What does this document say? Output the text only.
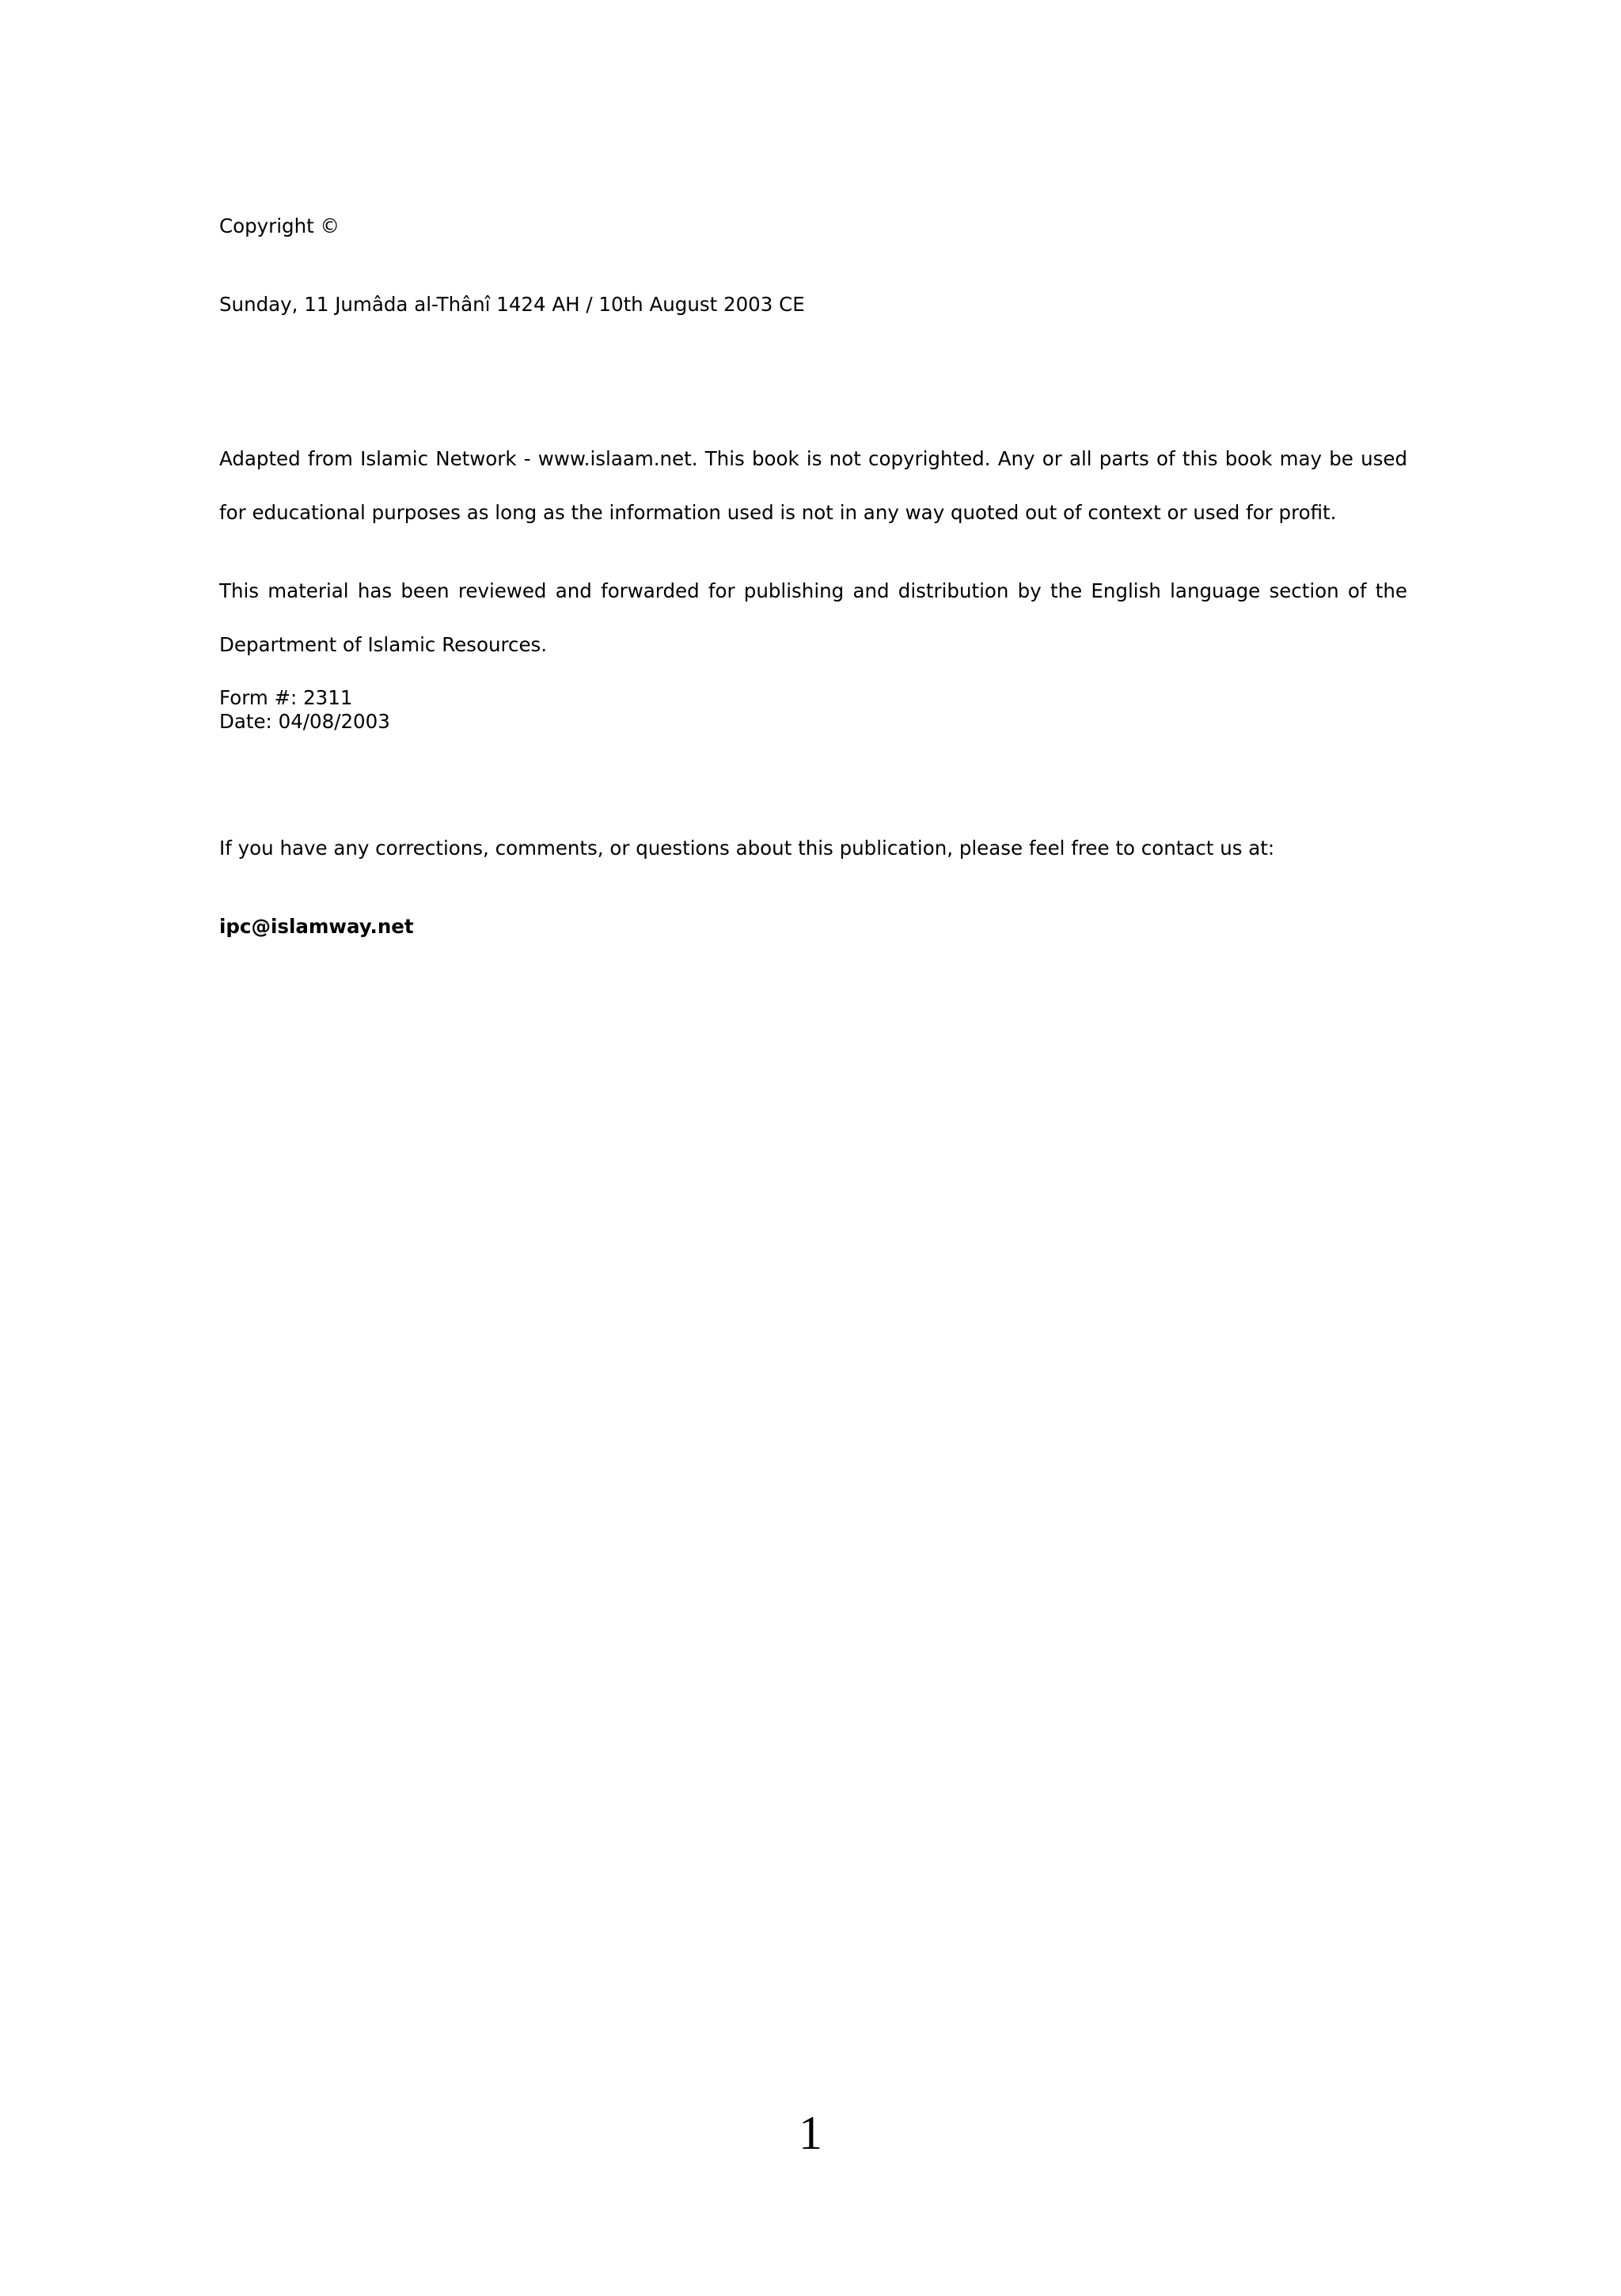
Copyright ©

Sunday, 11 Jumâda al-Thânî 1424 AH / 10th August 2003 CE

Adapted from Islamic Network - www.islaam.net. This book is not copyrighted. Any or all parts of this book may be used

for educational purposes as long as the information used is not in any way quoted out of context or used for profit.

This material has been reviewed and forwarded for publishing and distribution by the English language section of the

Department of Islamic Resources.

Form #: 2311

Date: 04/08/2003

If you have any corrections, comments, or questions about this publication, please feel free to contact us at:

ipc@islamway.net

1
